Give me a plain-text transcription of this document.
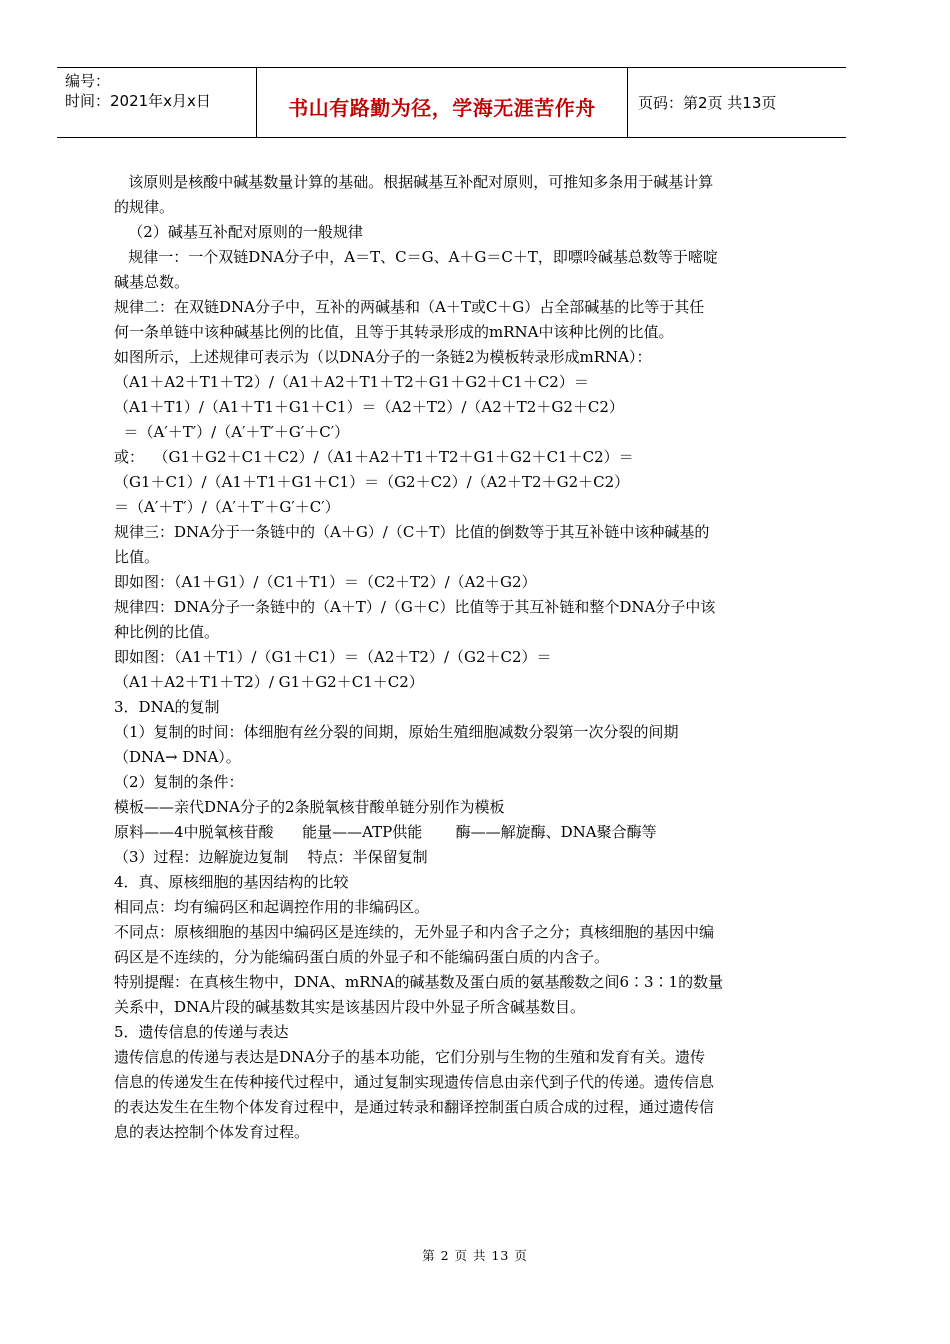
编号：
时间：2021年x月x日	书山有路勤为径，学海无涯苦作舟	页码：第2页 共13页
该原则是核酸中碱基数量计算的基础。根据碱基互补配对原则，可推知多条用于碱基计算
的规律。
（2）碱基互补配对原则的一般规律
规律一：一个双链DNA分子中，A＝T、C＝G、A＋G＝C＋T，即嘌呤碱基总数等于嘧啶
碱基总数。
规律二：在双链DNA分子中，互补的两碱基和（A＋T或C＋G）占全部碱基的比等于其任
何一条单链中该种碱基比例的比值，且等于其转录形成的mRNA中该种比例的比值。
如图所示，上述规律可表示为（以DNA分子的一条链2为模板转录形成mRNA）：
（A1＋A2＋T1＋T2）/（A1＋A2＋T1＋T2＋G1＋G2＋C1＋C2）＝
（A1＋T1）/（A1＋T1＋G1＋C1）＝（A2＋T2）/（A2＋T2＋G2＋C2）
＝（A′＋T′）/（A′＋T′＋G′＋C′）
或：  （G1＋G2＋C1＋C2）/（A1＋A2＋T1＋T2＋G1＋G2＋C1＋C2）＝
（G1＋C1）/（A1＋T1＋G1＋C1）＝（G2＋C2）/（A2＋T2＋G2＋C2）
＝（A′＋T′）/（A′＋T′＋G′＋C′）
规律三：DNA分于一条链中的（A＋G）/（C＋T）比值的倒数等于其互补链中该种碱基的
比值。
即如图：（A1＋G1）/（C1＋T1）＝（C2＋T2）/（A2＋G2）
规律四：DNA分子一条链中的（A＋T）/（G＋C）比值等于其互补链和整个DNA分子中该
种比例的比值。
即如图：（A1＋T1）/（G1＋C1）＝（A2＋T2）/（G2＋C2）＝
（A1＋A2＋T1＋T2）/ G1＋G2＋C1＋C2）
3．DNA的复制
（1）复制的时间：体细胞有丝分裂的间期，原始生殖细胞减数分裂第一次分裂的间期
（DNA→ DNA）。
（2）复制的条件：
模板——亲代DNA分子的2条脱氧核苷酸单链分别作为模板
原料——4中脱氧核苷酸      能量——ATP供能       酶——解旋酶、DNA聚合酶等
（3）过程：边解旋边复制    特点：半保留复制
4．真、原核细胞的基因结构的比较
相同点：均有编码区和起调控作用的非编码区。
不同点：原核细胞的基因中编码区是连续的，无外显子和内含子之分；真核细胞的基因中编
码区是不连续的，分为能编码蛋白质的外显子和不能编码蛋白质的内含子。
特别提醒：在真核生物中，DNA、mRNA的碱基数及蛋白质的氨基酸数之间6∶3∶1的数量
关系中，DNA片段的碱基数其实是该基因片段中外显子所含碱基数目。
5．遗传信息的传递与表达
遗传信息的传递与表达是DNA分子的基本功能，它们分别与生物的生殖和发育有关。遗传
信息的传递发生在传种接代过程中，通过复制实现遗传信息由亲代到子代的传递。遗传信息
的表达发生在生物个体发育过程中，是通过转录和翻译控制蛋白质合成的过程，通过遗传信
息的表达控制个体发育过程。
第 2 页 共 13 页
